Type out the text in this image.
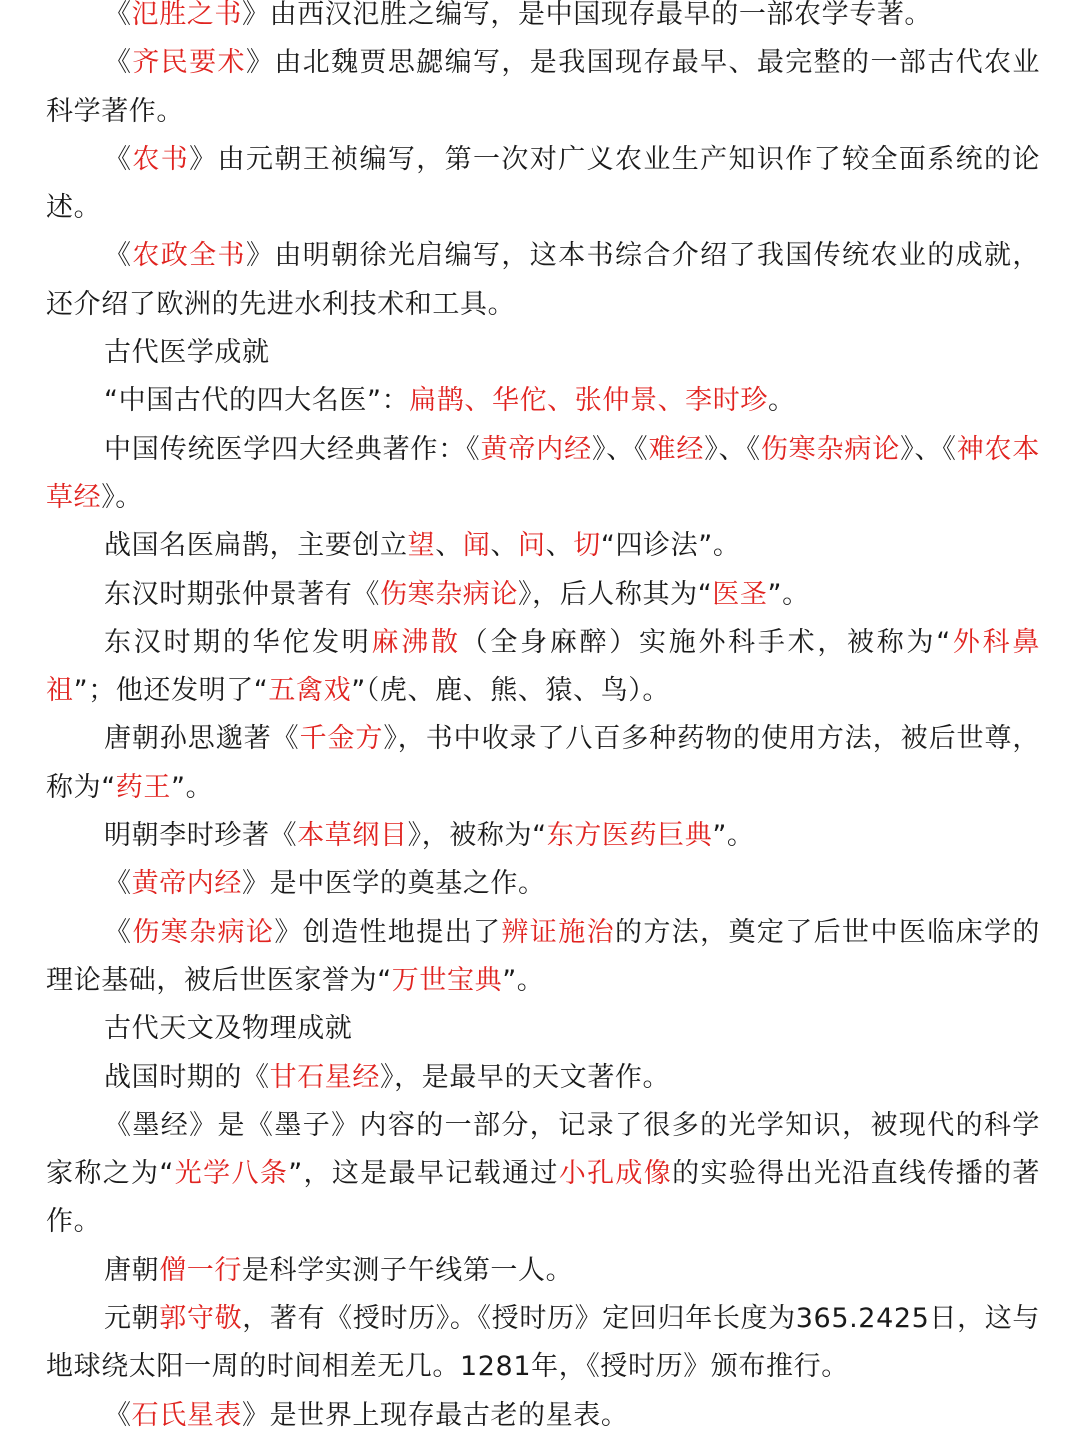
《氾胜之书》由西汉氾胜之编写，是中国现存最早的一部农学专著。

《齐民要术》由北魏贾思勰编写，是我国现存最早、最完整的一部古代农业科学著作。

《农书》由元朝王祯编写，第一次对广义农业生产知识作了较全面系统的论述。

《农政全书》由明朝徐光启编写，这本书综合介绍了我国传统农业的成就，还介绍了欧洲的先进水利技术和工具。

古代医学成就

“中国古代的四大名医”：扁鹊、华佗、张仲景、李时珍。

中国传统医学四大经典著作：《黄帝内经》、《难经》、《伤寒杂病论》、《神农本草经》。

战国名医扁鹊，主要创立望、闻、问、切“四诊法”。

东汉时期张仲景著有《伤寒杂病论》，后人称其为“医圣”。

东汉时期的华佗发明麻沸散（全身麻醉）实施外科手术，被称为“外科鼻祖”；他还发明了“五禽戏”（虎、鹿、熊、猿、鸟）。

唐朝孙思邈著《千金方》，书中收录了八百多种药物的使用方法，被后世尊，称为“药王”。

明朝李时珍著《本草纲目》，被称为“东方医药巨典”。

《黄帝内经》是中医学的奠基之作。

《伤寒杂病论》创造性地提出了辨证施治的方法，奠定了后世中医临床学的理论基础，被后世医家誉为“万世宝典”。

古代天文及物理成就

战国时期的《甘石星经》，是最早的天文著作。

《墨经》是《墨子》内容的一部分，记录了很多的光学知识，被现代的科学家称之为“光学八条”，这是最早记载通过小孔成像的实验得出光沿直线传播的著作。

唐朝僧一行是科学实测子午线第一人。

元朝郭守敬，著有《授时历》。《授时历》定回归年长度为365.2425日，这与地球绕太阳一周的时间相差无几。1281年，《授时历》颁布推行。

《石氏星表》是世界上现存最古老的星表。
